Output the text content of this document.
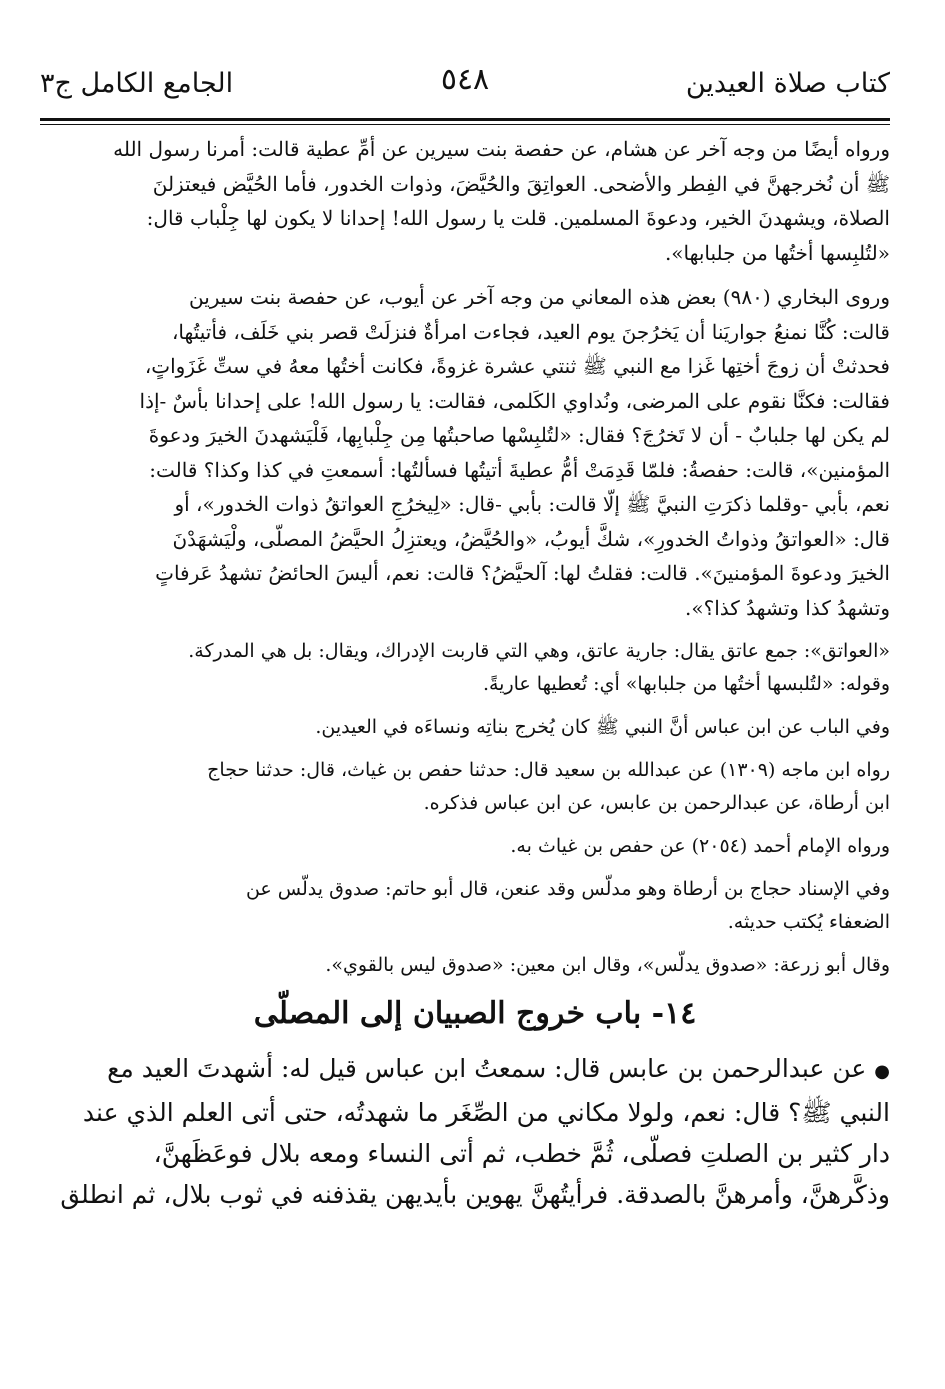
كتاب صلاة العيدين
٥٤٨
الجامع الكامل ج٣
ورواه أيضًا من وجه آخر عن هشام، عن حفصة بنت سيرين عن أمِّ عطية قالت: أمرنا رسول الله
ﷺ أن نُخرجهنَّ في الفِطر والأضحى. العواتِقَ والحُيَّضَ، وذوات الخدور، فأما الحُيَّض فيعتزلنَ
الصلاة، ويشهدنَ الخير، ودعوةَ المسلمين. قلت يا رسول الله! إحدانا لا يكون لها جِلْباب قال:
«لتُلبِسها أختُها من جلبابها».
وروى البخاري (٩٨٠) بعض هذه المعاني من وجه آخر عن أيوب، عن حفصة بنت سيرين
قالت: كُنَّا نمنعُ جواريَنا أن يَخرُجنَ يوم العيد، فجاءت امرأةٌ فنزلَتْ قصر بني خَلَف، فأتيتُها،
فحدثتْ أن زوجَ أختِها غَزا مع النبي ﷺ ثنتي عشرة غزوةً، فكانت أختُها معهُ في ستِّ غَزَواتٍ،
فقالت: فكنَّا نقوم على المرضى، ونُداوي الكَلمى، فقالت: يا رسول الله! على إحدانا بأسٌ -إذا
لم يكن لها جلبابٌ - أن لا تَخرُجَ؟ فقال: «لتُلبِسْها صاحبتُها مِن جِلْبابِها، فَلْيَشهدنَ الخيرَ ودعوةَ
المؤمنين»، قالت: حفصةُ: فلمّا قَدِمَتْ أمُّ عطيةَ أتيتُها فسألتُها: أسمعتِ في كذا وكذا؟ قالت:
نعم، بأبي -وقلما ذكرَتِ النبيَّ ﷺ إلّا قالت: بأبي -قال: «لِيخرُجِ العواتقُ ذوات الخدور»، أو
قال: «العواتقُ وذواتُ الخدورِ»، شكَّ أيوبُ، «والحُيَّضُ، ويعتزِلُ الحيَّضُ المصلّى، ولْيَشهَدْنَ
الخيرَ ودعوةَ المؤمنينَ». قالت: فقلتُ لها: آلحيَّضُ؟ قالت: نعم، أليسَ الحائضُ تشهدُ عَرفاتٍ
وتشهدُ كذا وتشهدُ كذا؟».
«العواتق»: جمع عاتق يقال: جارية عاتق، وهي التي قاربت الإدراك، ويقال: بل هي المدركة.
وقوله: «لتُلبسها أختُها من جلبابها» أي: تُعطيها عاريةً.
وفي الباب عن ابن عباس أنَّ النبي ﷺ كان يُخرج بناتِه ونساءَه في العيدين.
رواه ابن ماجه (١٣٠٩) عن عبدالله بن سعيد قال: حدثنا حفص بن غياث، قال: حدثنا حجاج
ابن أرطاة، عن عبدالرحمن بن عابس، عن ابن عباس فذكره.
ورواه الإمام أحمد (٢٠٥٤) عن حفص بن غياث به.
وفي الإسناد حجاج بن أرطاة وهو مدلّس وقد عنعن، قال أبو حاتم: صدوق يدلّس عن
الضعفاء يُكتب حديثه.
وقال أبو زرعة: «صدوق يدلّس»، وقال ابن معين: «صدوق ليس بالقوي».
١٤- باب خروج الصبيان إلى المصلّى
●عن عبدالرحمن بن عابس قال: سمعتُ ابن عباس قيل له: أشهدتَ العيد مع
النبي ﷺ؟ قال: نعم، ولولا مكاني من الصِّغَر ما شهدتُه، حتى أتى العلم الذي عند
دار كثير بن الصلتِ فصلّى، ثُمَّ خطب، ثم أتى النساء ومعه بلال فوعَظَهنَّ،
وذكَّرهنَّ، وأمرهنَّ بالصدقة. فرأيتُهنَّ يهوين بأيديهن يقذفنه في ثوب بلال، ثم انطلق
